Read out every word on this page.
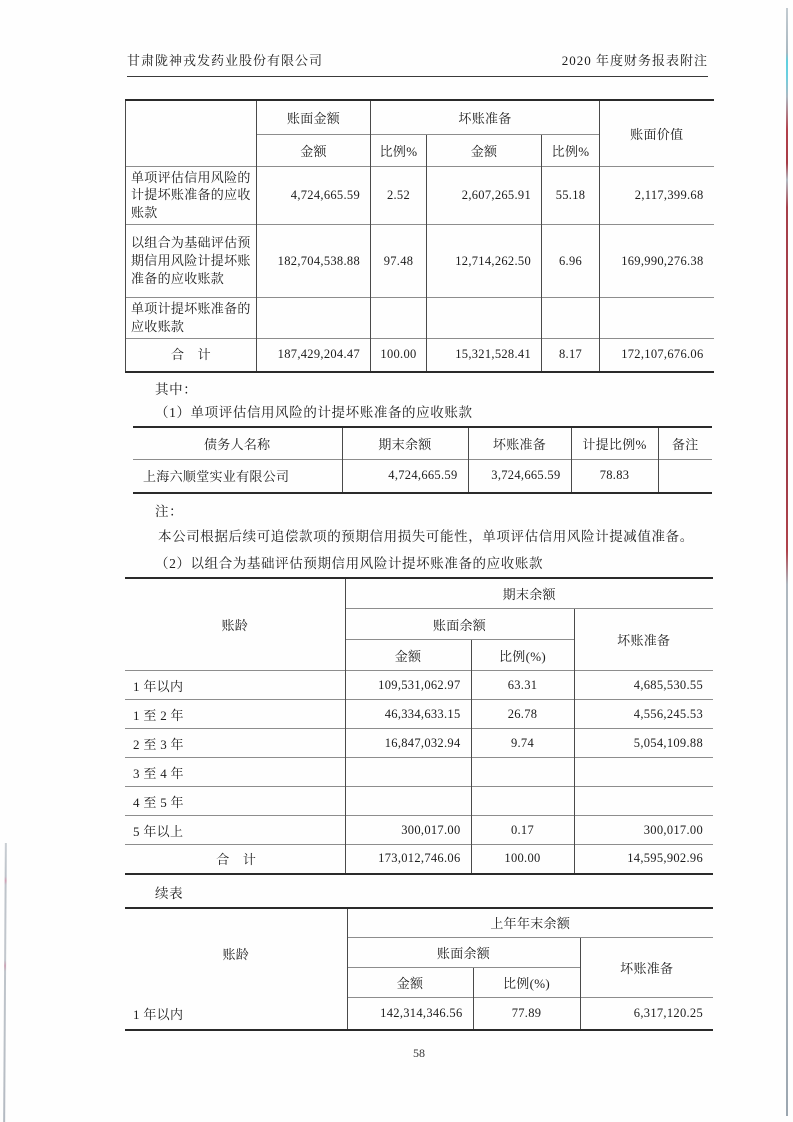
甘肃陇神戎发药业股份有限公司	2020 年度财务报表附注
	账面金额	坏账准备			账面价值
	金额	比例%	金额	比例%	
单项评估信用风险的计提坏账准备的应收账款	4,724,665.59	2.52	2,607,265.91	55.18	2,117,399.68
以组合为基础评估预期信用风险计提坏账准备的应收账款	182,704,538.88	97.48	12,714,262.50	6.96	169,990,276.38
单项计提坏账准备的应收账款					
合　计	187,429,204.47	100.00	15,321,528.41	8.17	172,107,676.06

其中：

（1）单项评估信用风险的计提坏账准备的应收账款

债务人名称	期末余额	坏账准备	计提比例%	备注
上海六顺堂实业有限公司	4,724,665.59	3,724,665.59	78.83	

注：

本公司根据后续可追偿款项的预期信用损失可能性，单项评估信用风险计提减值准备。

（2）以组合为基础评估预期信用风险计提坏账准备的应收账款

账龄	期末余额		
	账面余额		坏账准备
	金额	比例(%)	
1 年以内	109,531,062.97	63.31	4,685,530.55
1 至 2 年	46,334,633.15	26.78	4,556,245.53
2 至 3 年	16,847,032.94	9.74	5,054,109.88
3 至 4 年			
4 至 5 年			
5 年以上	300,017.00	0.17	300,017.00
合　计	173,012,746.06	100.00	14,595,902.96

续表

账龄	上年年末余额		
	账面余额		坏账准备
	金额	比例(%)	
1 年以内	142,314,346.56	77.89	6,317,120.25
58
